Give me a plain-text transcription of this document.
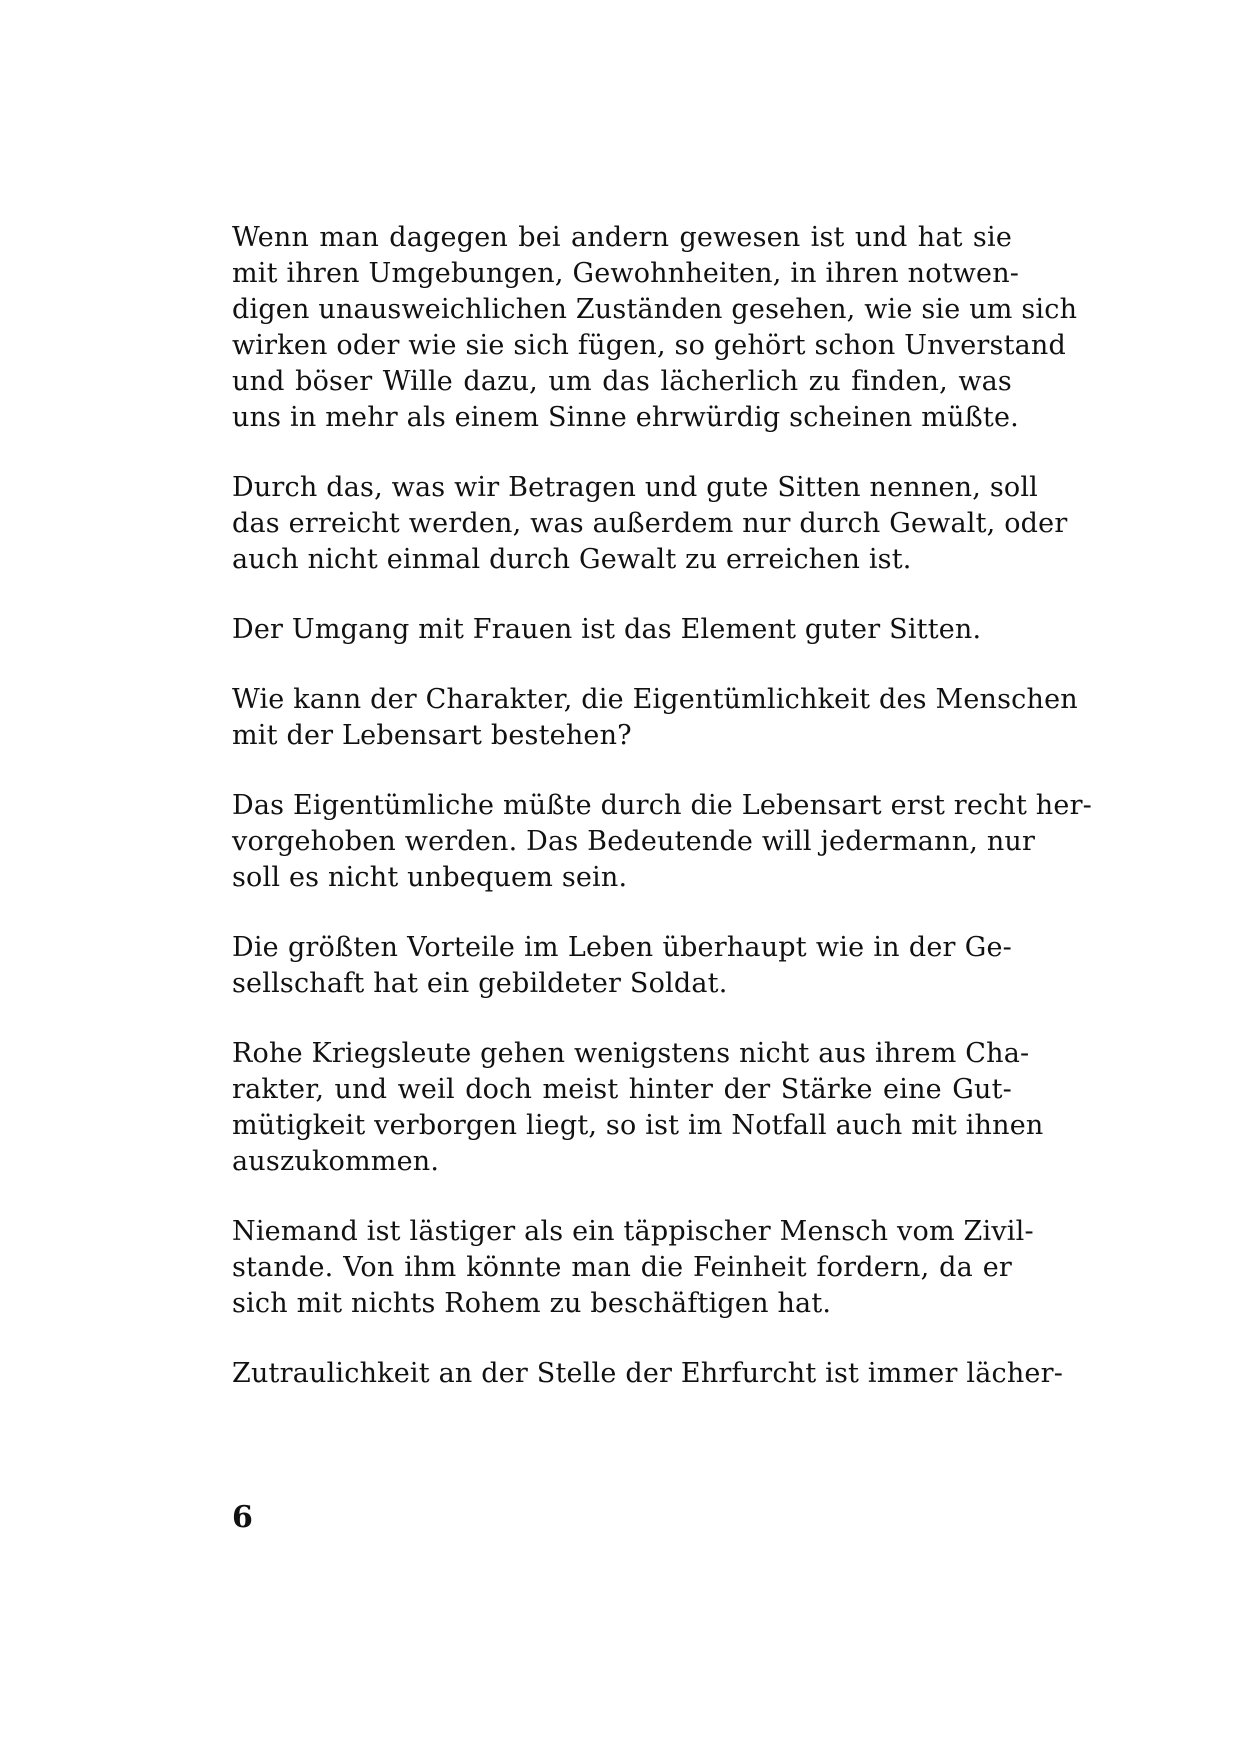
Wenn man dagegen bei andern gewesen ist und hat sie
mit ihren Umgebungen, Gewohnheiten, in ihren notwen-
digen unausweichlichen Zuständen gesehen, wie sie um sich
wirken oder wie sie sich fügen, so gehört schon Unverstand
und böser Wille dazu, um das lächerlich zu finden, was
uns in mehr als einem Sinne ehrwürdig scheinen müßte.
Durch das, was wir Betragen und gute Sitten nennen, soll
das erreicht werden, was außerdem nur durch Gewalt, oder
auch nicht einmal durch Gewalt zu erreichen ist.
Der Umgang mit Frauen ist das Element guter Sitten.
Wie kann der Charakter, die Eigentümlichkeit des Menschen
mit der Lebensart bestehen?
Das Eigentümliche müßte durch die Lebensart erst recht her-
vorgehoben werden. Das Bedeutende will jedermann, nur
soll es nicht unbequem sein.
Die größten Vorteile im Leben überhaupt wie in der Ge-
sellschaft hat ein gebildeter Soldat.
Rohe Kriegsleute gehen wenigstens nicht aus ihrem Cha-
rakter, und weil doch meist hinter der Stärke eine Gut-
mütigkeit verborgen liegt, so ist im Notfall auch mit ihnen
auszukommen.
Niemand ist lästiger als ein täppischer Mensch vom Zivil-
stande. Von ihm könnte man die Feinheit fordern, da er
sich mit nichts Rohem zu beschäftigen hat.
Zutraulichkeit an der Stelle der Ehrfurcht ist immer lächer-
6
